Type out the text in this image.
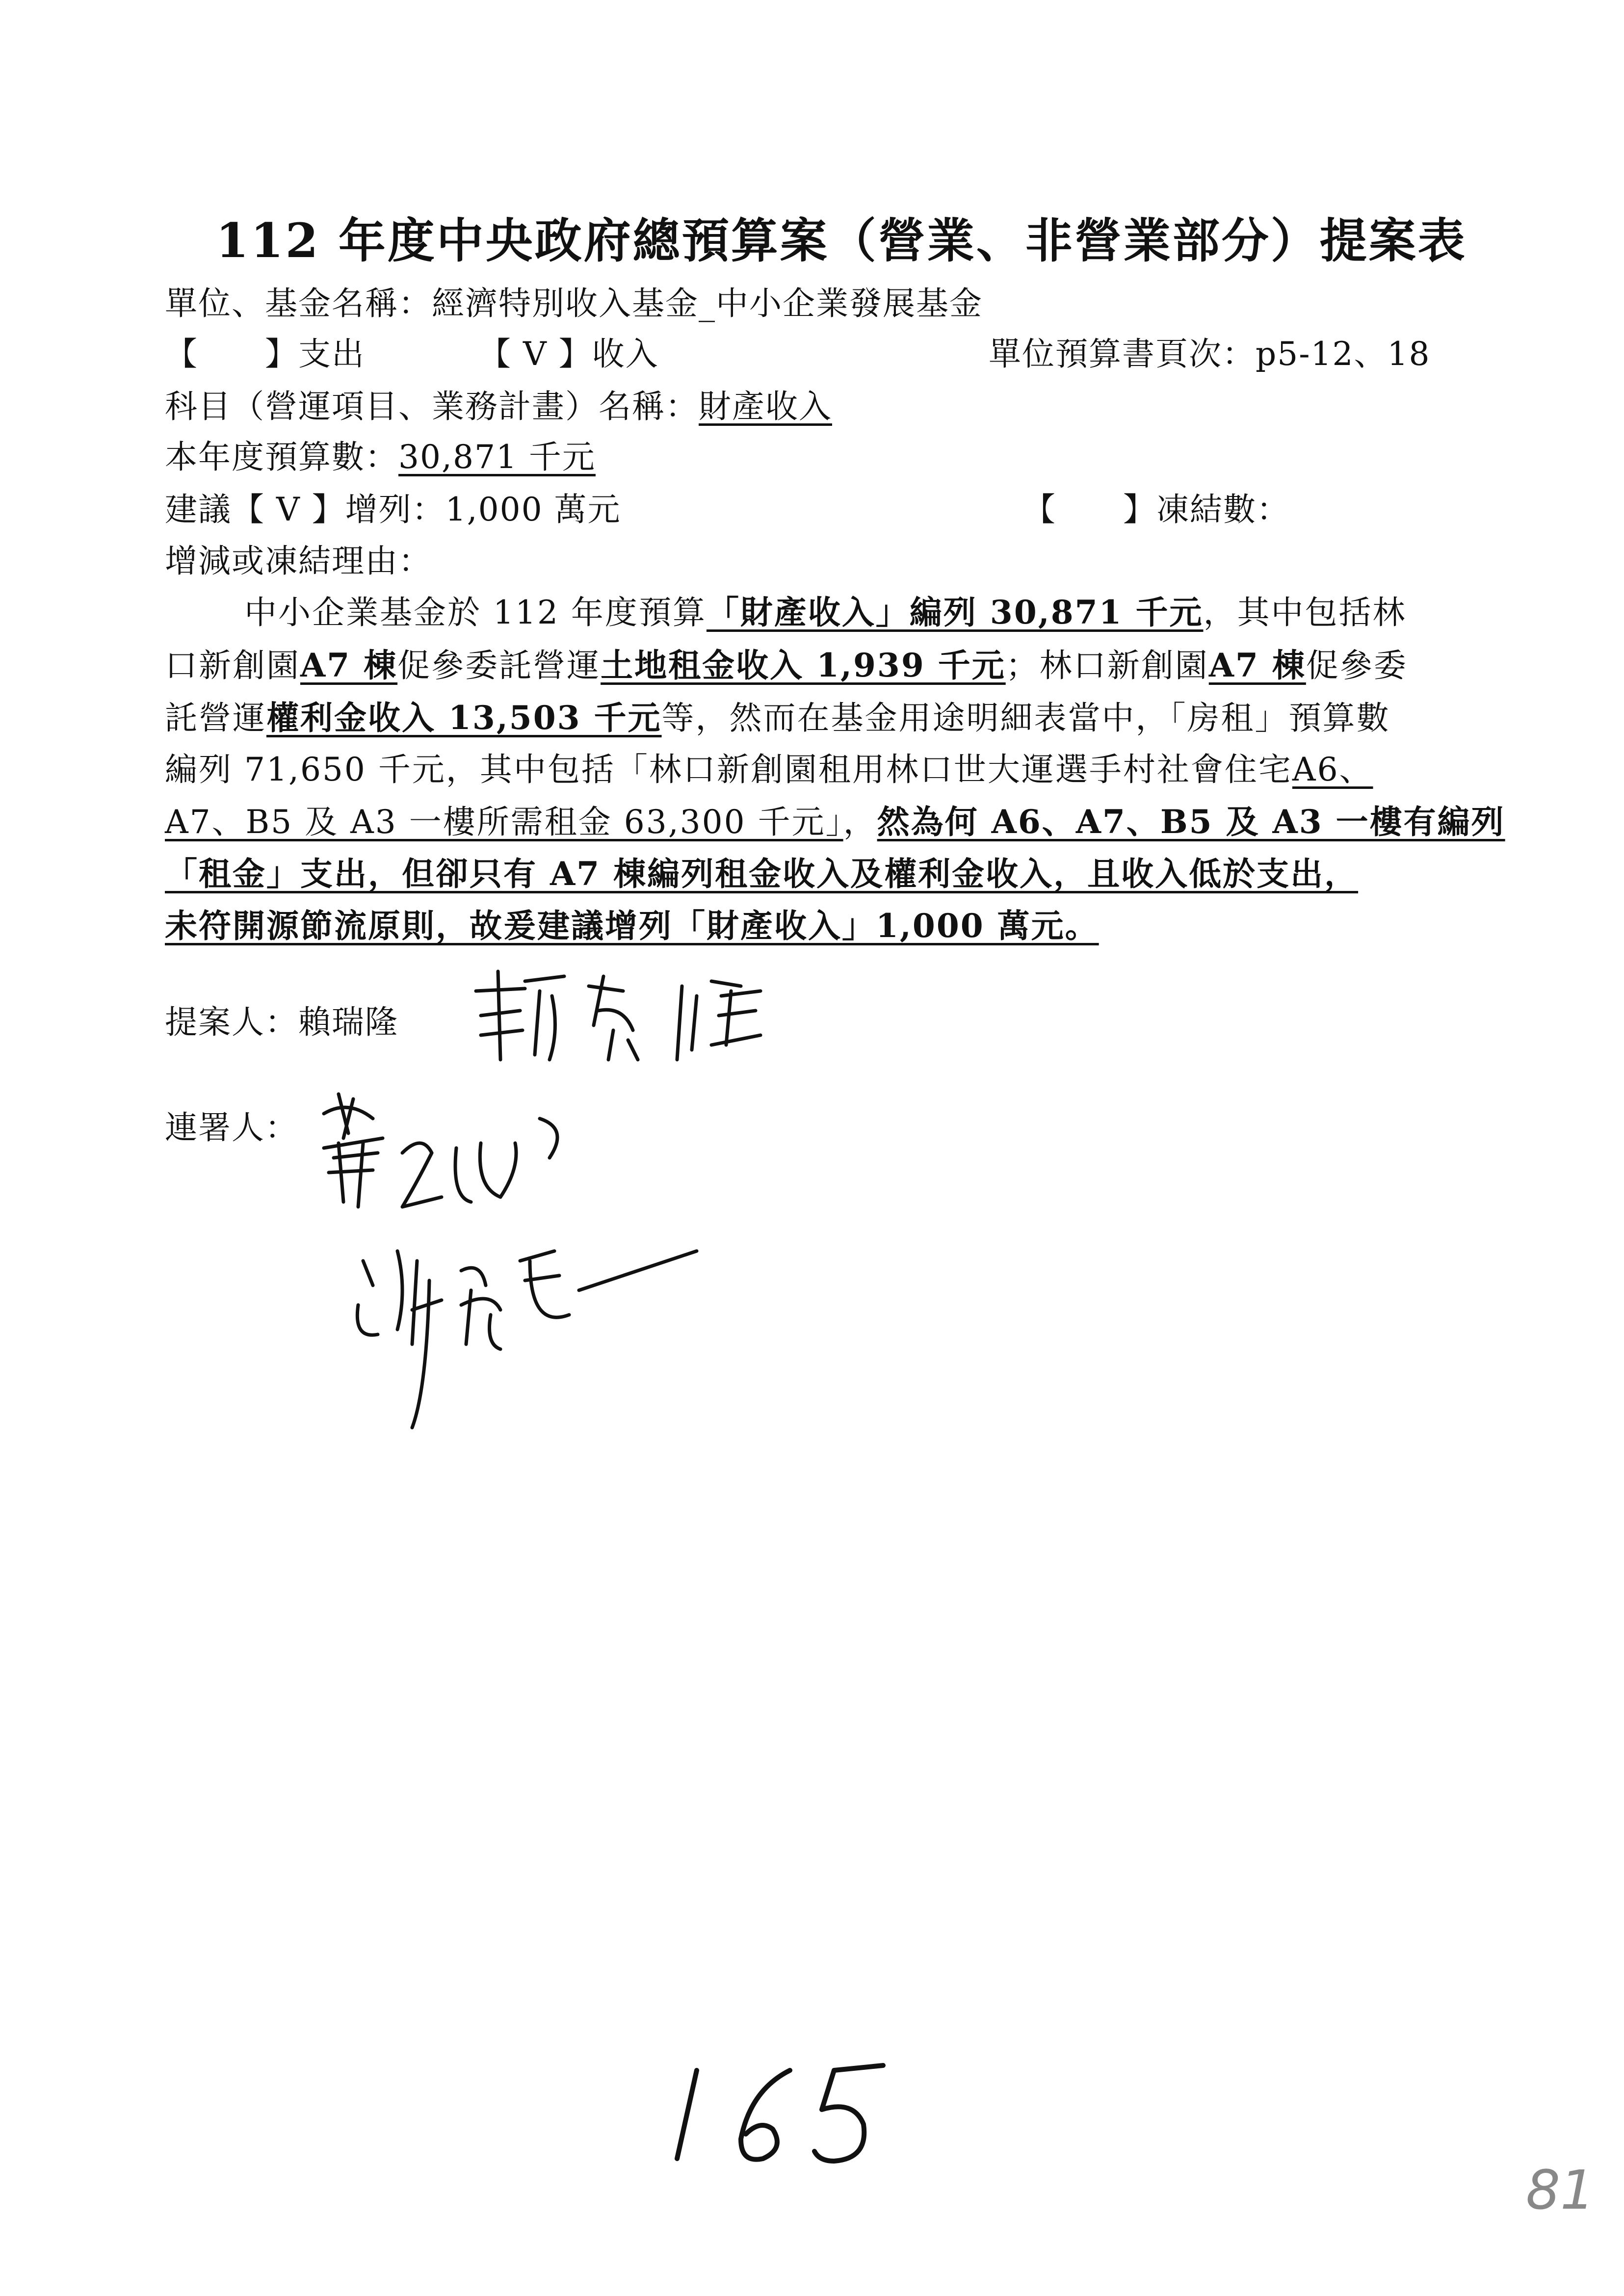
112 年度中央政府總預算案（營業、非營業部分）提案表
單位、基金名稱：經濟特別收入基金_中小企業發展基金
【　　】支出	【 V 】收入	單位預算書頁次：p5-12、18
科目（營運項目、業務計畫）名稱：財產收入
本年度預算數：30,871 千元
建議【 V 】增列：1,000 萬元	【　　】凍結數：
增減或凍結理由：
中小企業基金於 112 年度預算「財產收入」編列 30,871 千元，其中包括林
口新創園A7 棟促參委託營運土地租金收入 1,939 千元；林口新創園A7 棟促參委
託營運權利金收入 13,503 千元等，然而在基金用途明細表當中，「房租」預算數
編列 71,650 千元，其中包括「林口新創園租用林口世大運選手村社會住宅A6、
A7、B5 及 A3 一樓所需租金 63,300 千元」，然為何 A6、A7、B5 及 A3 一樓有編列
「租金」支出，但卻只有 A7 棟編列租金收入及權利金收入，且收入低於支出，
未符開源節流原則，故爰建議增列「財產收入」1,000 萬元。
提案人：賴瑞隆
連署人：
81
